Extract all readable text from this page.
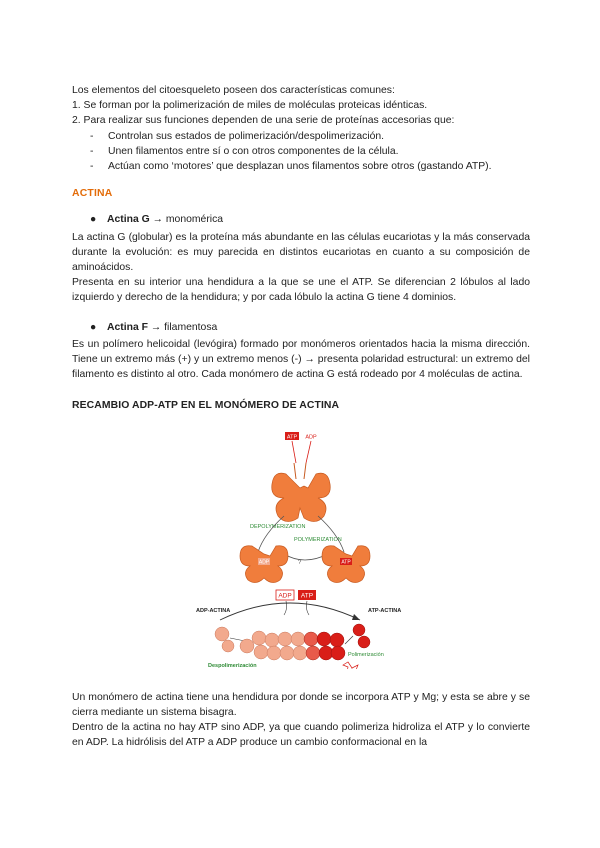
Los elementos del citoesqueleto poseen dos características comunes:

1. Se forman por la polimerización de miles de moléculas proteicas idénticas.

2. Para realizar sus funciones dependen de una serie de proteínas accesorias que:

- Controlan sus estados de polimerización/despolimerización.
- Unen filamentos entre sí o con otros componentes de la célula.
- Actúan como ‘motores’ que desplazan unos filamentos sobre otros (gastando ATP).

ACTINA

● Actina G → monomérica

La actina G (globular) es la proteína más abundante en las células eucariotas y la más conservada durante la evolución: es muy parecida en distintos eucariotas en cuanto a su composición de aminoácidos.

Presenta en su interior una hendidura a la que se une el ATP. Se diferencian 2 lóbulos al lado izquierdo y derecho de la hendidura; y por cada lóbulo la actina G tiene 4 dominios.

● Actina F → filamentosa

Es un polímero helicoidal (levógira) formado por monómeros orientados hacia la misma dirección. Tiene un extremo más (+) y un extremo menos (-) → presenta polaridad estructural: un extremo del filamento es distinto al otro. Cada monómero de actina G está rodeado por 4 moléculas de actina.

RECAMBIO ADP-ATP EN EL MONÓMERO DE ACTINA

ATP ADP
DEPOLYMERIZATION
POLYMERIZATION
?
ADP	ATP
ADP ATP
ADP-ACTINA	ATP-ACTINA
Polimerización
Despolimerización

Un monómero de actina tiene una hendidura por donde se incorpora ATP y Mg; y esta se abre y se cierra mediante un sistema bisagra.

Dentro de la actina no hay ATP sino ADP, ya que cuando polimeriza hidroliza el ATP y lo convierte en ADP. La hidrólisis del ATP a ADP produce un cambio conformacional en la
